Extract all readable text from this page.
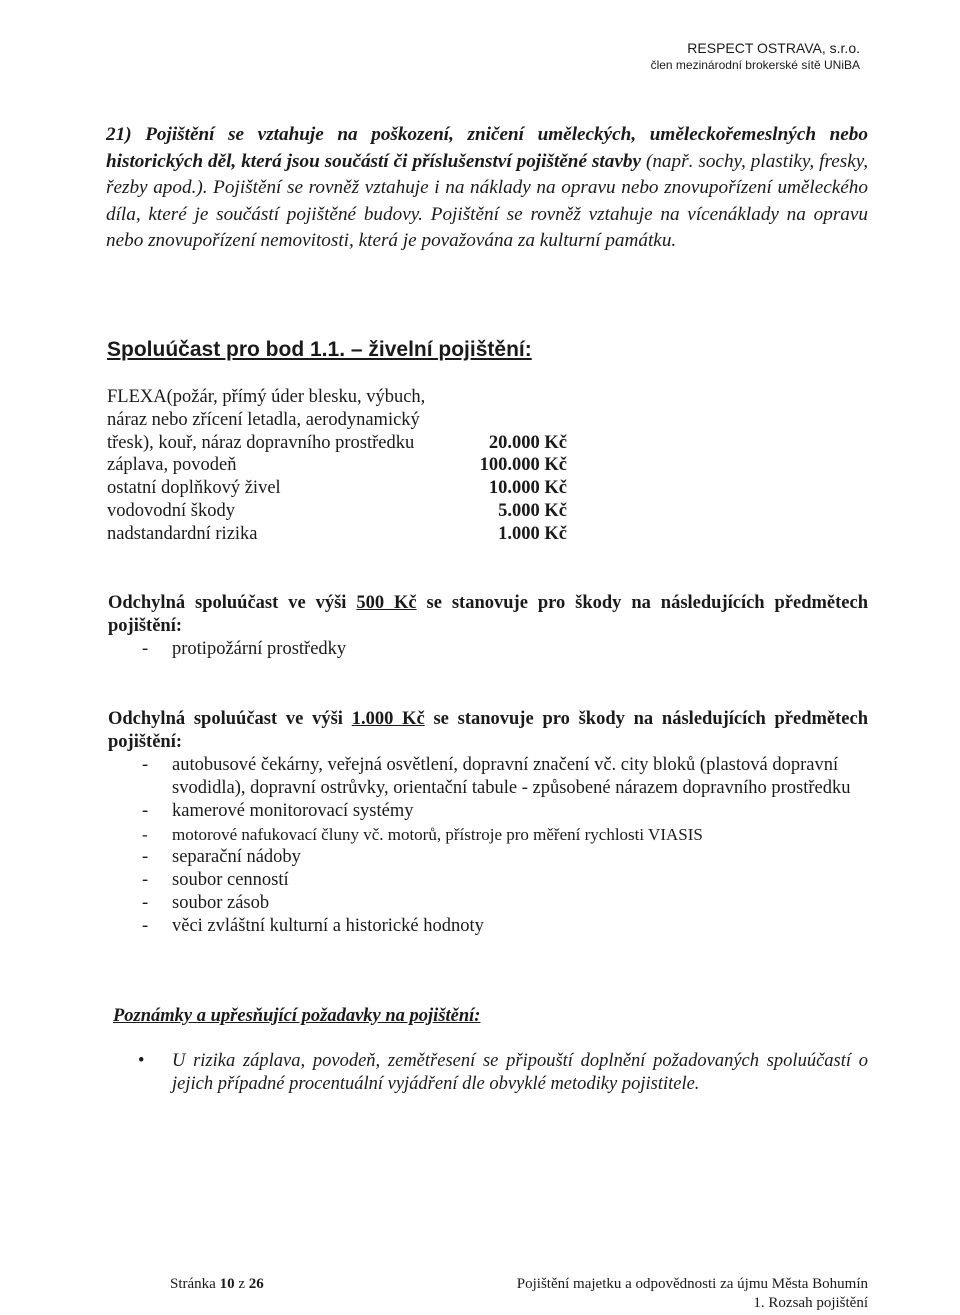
RESPECT OSTRAVA, s.r.o.
člen mezinárodní brokerské sítě UNiBA

21) Pojištění se vztahuje na poškození, zničení uměleckých, uměleckořemeslných nebo historických děl, která jsou součástí či příslušenství pojištěné stavby (např. sochy, plastiky, fresky, řezby apod.). Pojištění se rovněž vztahuje i na náklady na opravu nebo znovupořízení uměleckého díla, které je součástí pojištěné budovy. Pojištění se rovněž vztahuje na vícenáklady na opravu nebo znovupořízení nemovitosti, která je považována za kulturní památku.

Spoluúčast pro bod 1.1. – živelní pojištění:
FLEXA(požár, přímý úder blesku, výbuch,
náraz nebo zřícení letadla, aerodynamický
třesk), kouř, náraz dopravního prostředku	20.000 Kč

záplava, povodeň	100.000 Kč

ostatní doplňkový živel	10.000 Kč

vodovodní škody	5.000 Kč

nadstandardní rizika	1.000 Kč

Odchylná spoluúčast ve výši 500 Kč se stanovuje pro škody na následujících předmětech pojištění:

- protipožární prostředky

Odchylná spoluúčast ve výši 1.000 Kč se stanovuje pro škody na následujících předmětech pojištění:

- autobusové čekárny, veřejná osvětlení, dopravní značení vč. city bloků (plastová dopravní svodidla), dopravní ostrůvky, orientační tabule - způsobené nárazem dopravního prostředku
- kamerové monitorovací systémy
- motorové nafukovací čluny vč. motorů, přístroje pro měření rychlosti VIASIS
- separační nádoby
- soubor cenností
- soubor zásob
- věci zvláštní kulturní a historické hodnoty
Poznámky a upřesňující požadavky na pojištění:

•	U rizika záplava, povodeň, zemětřesení se připouští doplnění požadovaných spoluúčastí o jejich případné procentuální vyjádření dle obvyklé metodiky pojistitele.

Stránka 10 z 26	Pojištění majetku a odpovědnosti za újmu Města Bohumín
1. Rozsah pojištění
